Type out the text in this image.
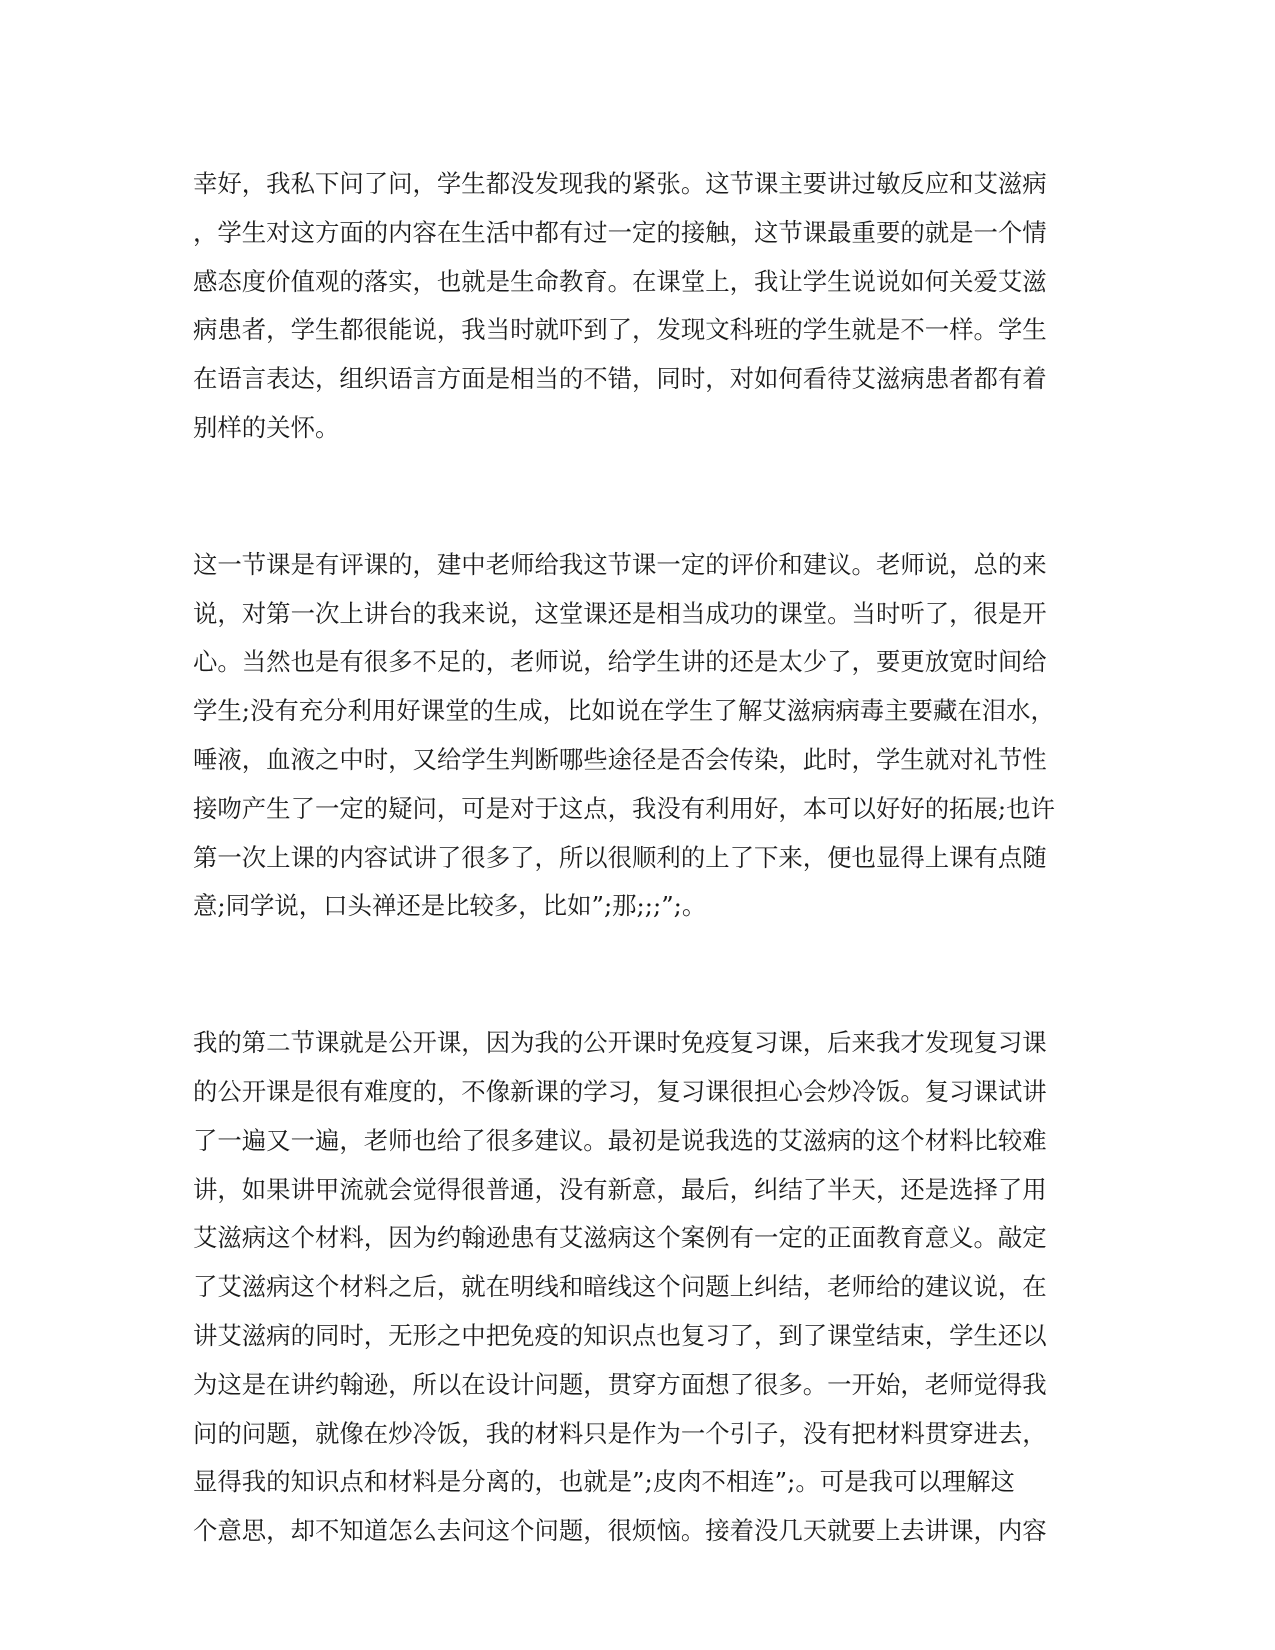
幸好，我私下问了问，学生都没发现我的紧张。这节课主要讲过敏反应和艾滋病
，学生对这方面的内容在生活中都有过一定的接触，这节课最重要的就是一个情
感态度价值观的落实，也就是生命教育。在课堂上，我让学生说说如何关爱艾滋
病患者，学生都很能说，我当时就吓到了，发现文科班的学生就是不一样。学生
在语言表达，组织语言方面是相当的不错，同时，对如何看待艾滋病患者都有着
别样的关怀。
这一节课是有评课的，建中老师给我这节课一定的评价和建议。老师说，总的来
说，对第一次上讲台的我来说，这堂课还是相当成功的课堂。当时听了，很是开
心。当然也是有很多不足的，老师说，给学生讲的还是太少了，要更放宽时间给
学生;没有充分利用好课堂的生成，比如说在学生了解艾滋病病毒主要藏在泪水，
唾液，血液之中时，又给学生判断哪些途径是否会传染，此时，学生就对礼节性
接吻产生了一定的疑问，可是对于这点，我没有利用好，本可以好好的拓展;也许
第一次上课的内容试讲了很多了，所以很顺利的上了下来，便也显得上课有点随
意;同学说，口头禅还是比较多，比如”;那;;;”;。
我的第二节课就是公开课，因为我的公开课时免疫复习课，后来我才发现复习课
的公开课是很有难度的，不像新课的学习，复习课很担心会炒冷饭。复习课试讲
了一遍又一遍，老师也给了很多建议。最初是说我选的艾滋病的这个材料比较难
讲，如果讲甲流就会觉得很普通，没有新意，最后，纠结了半天，还是选择了用
艾滋病这个材料，因为约翰逊患有艾滋病这个案例有一定的正面教育意义。敲定
了艾滋病这个材料之后，就在明线和暗线这个问题上纠结，老师给的建议说，在
讲艾滋病的同时，无形之中把免疫的知识点也复习了，到了课堂结束，学生还以
为这是在讲约翰逊，所以在设计问题，贯穿方面想了很多。一开始，老师觉得我
问的问题，就像在炒冷饭，我的材料只是作为一个引子，没有把材料贯穿进去，
显得我的知识点和材料是分离的，也就是”;皮肉不相连”;。可是我可以理解这
个意思，却不知道怎么去问这个问题，很烦恼。接着没几天就要上去讲课，内容
